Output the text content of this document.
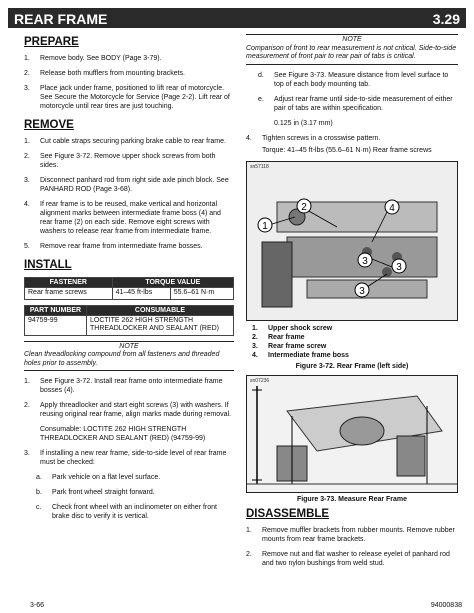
REAR FRAME	3.29
PREPARE
1. Remove body. See BODY (Page 3-79).
2. Release both mufflers from mounting brackets.
3. Place jack under frame, positioned to lift rear of motorcycle. See Secure the Motorcycle for Service (Page 2-2). Lift rear of motorcycle until rear tires are just touching.
REMOVE
1. Cut cable straps securing parking brake cable to rear frame.
2. See Figure 3-72. Remove upper shock screws from both sides.
3. Disconnect panhard rod from right side axle pinch block. See PANHARD ROD (Page 3-68).
4. If rear frame is to be reused, make vertical and horizontal alignment marks between intermediate frame boss (4) and rear frame (2) on each side. Remove eight screws with washers to release rear frame from intermediate frame.
5. Remove rear frame from intermediate frame bosses.
INSTALL
FASTENER	TORQUE VALUE	
Rear frame screws	41–45 ft-lbs	55.6–61 N·m
PART NUMBER	CONSUMABLE
94759-99	LOCTITE 262 HIGH STRENGTH THREADLOCKER AND SEALANT (RED)
NOTE
Clean threadlocking compound from all fasteners and threaded holes prior to assembly.
1. See Figure 3-72. Install rear frame onto intermediate frame bosses (4).
2. Apply threadlocker and start eight screws (3) with washers. If reusing original rear frame, align marks made during removal.
Consumable: LOCTITE 262 HIGH STRENGTH THREADLOCKER AND SEALANT (RED) (94759-99)
3. If installing a new rear frame, side-to-side level of rear frame must be checked:
a. Park vehicle on a flat level surface.
b. Park front wheel straight forward.
c. Check front wheel with an inclinometer on either front brake disc to verify it is vertical.
NOTE
Comparison of front to rear measurement is not critical. Side-to-side measurement of front pair to rear pair of tabs is critical.
d. See Figure 3-73. Measure distance from level surface to top of each body mounting tab.
e. Adjust rear frame until side-to-side measurement of either pair of tabs are within specification.
0.125 in (3.17 mm)
4. Tighten screws in a crosswise pattern.
Torque: 41–45 ft-lbs (55.6–61 N·m) Rear frame screws
sn57118
1
2
3
4
3
3
1. Upper shock screw
2. Rear frame
3. Rear frame screw
4. Intermediate frame boss
Figure 3-72. Rear Frame (left side)
sn07236
Figure 3-73. Measure Rear Frame
DISASSEMBLE
1. Remove muffler brackets from rubber mounts. Remove rubber mounts from rear frame brackets.
2. Remove nut and flat washer to release eyelet of panhard rod and two nylon bushings from weld stud.
3-66	94000838
